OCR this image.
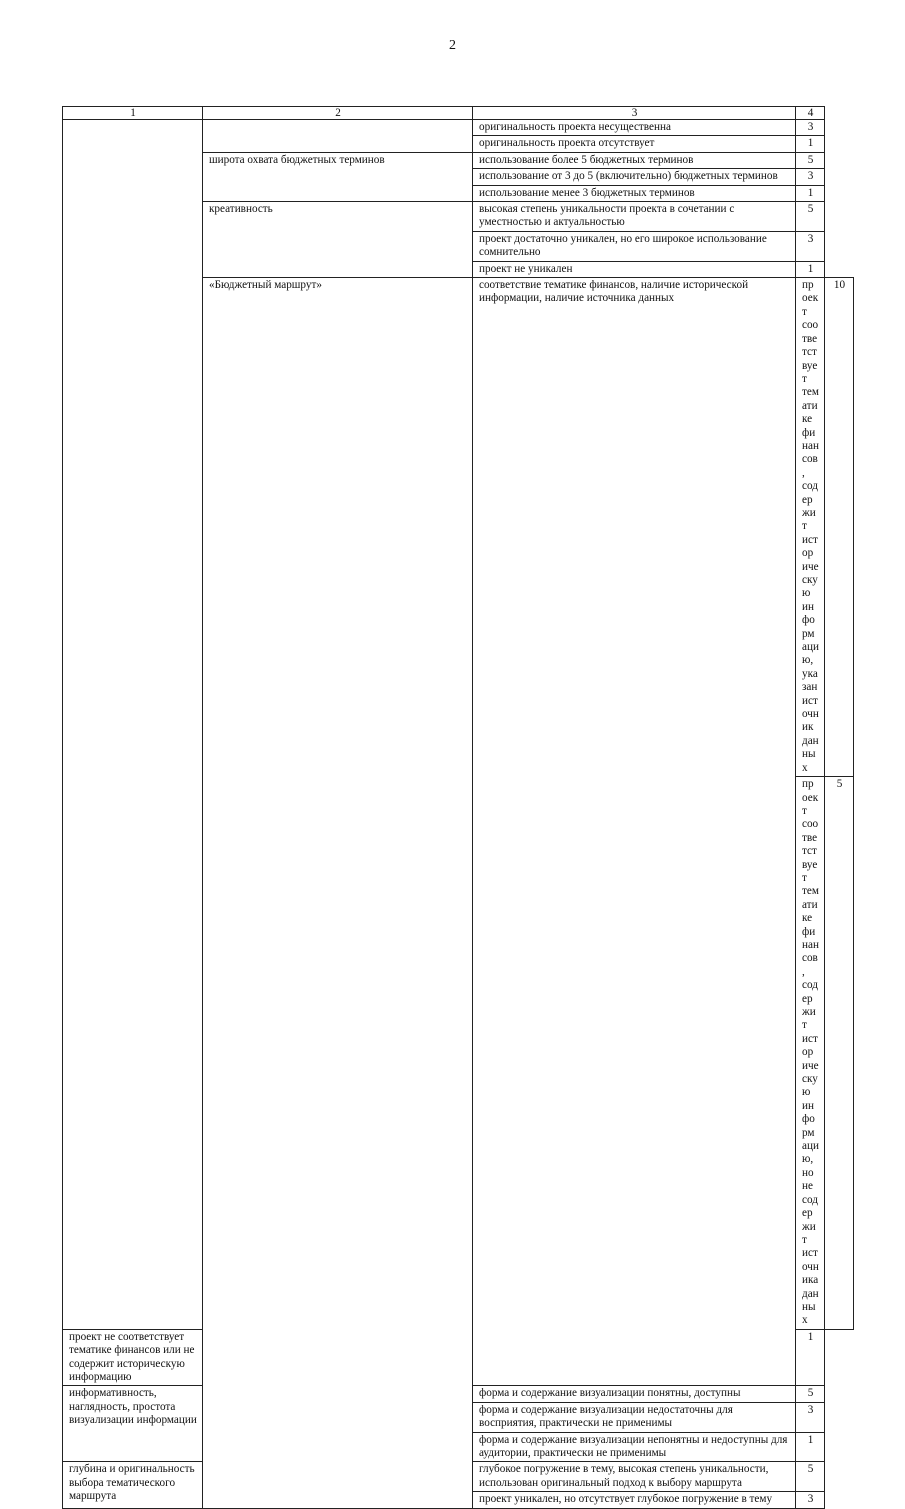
2
1	2	3	4	
		оригинальность проекта несущественна	3	
		оригинальность проекта отсутствует	1	
	широта охвата бюджетных терминов	использование более 5 бюджетных терминов	5	
		использование от 3 до 5 (включительно) бюджетных терминов	3	
		использование менее 3 бюджетных терминов	1	
	креативность	высокая степень уникальности проекта в сочетании с уместностью и актуальностью	5	
		проект достаточно уникален, но его широкое использование сомнительно	3	
		проект не уникален	1	
	«Бюджетный маршрут»	соответствие тематике финансов, наличие исторической информации, наличие источника данных	проект соответствует тематике финансов, содержит историческую информацию, указан источник данных	10
			проект соответствует тематике финансов, содержит историческую информацию, но не содержит источника данных	5
проект не соответствует тематике финансов или не содержит историческую информацию			1	
информативность, наглядность, простота визуализации информации		форма и содержание визуализации понятны, доступны	5	
		форма и содержание визуализации недостаточны для восприятия, практически не применимы	3	
		форма и содержание визуализации непонятны и недоступны для аудитории, практически не применимы	1	
глубина и оригинальность выбора тематического маршрута		глубокое погружение в тему, высокая степень уникальности, использован оригинальный подход к выбору маршрута	5	
		проект уникален, но отсутствует глубокое погружение в тему	3	
